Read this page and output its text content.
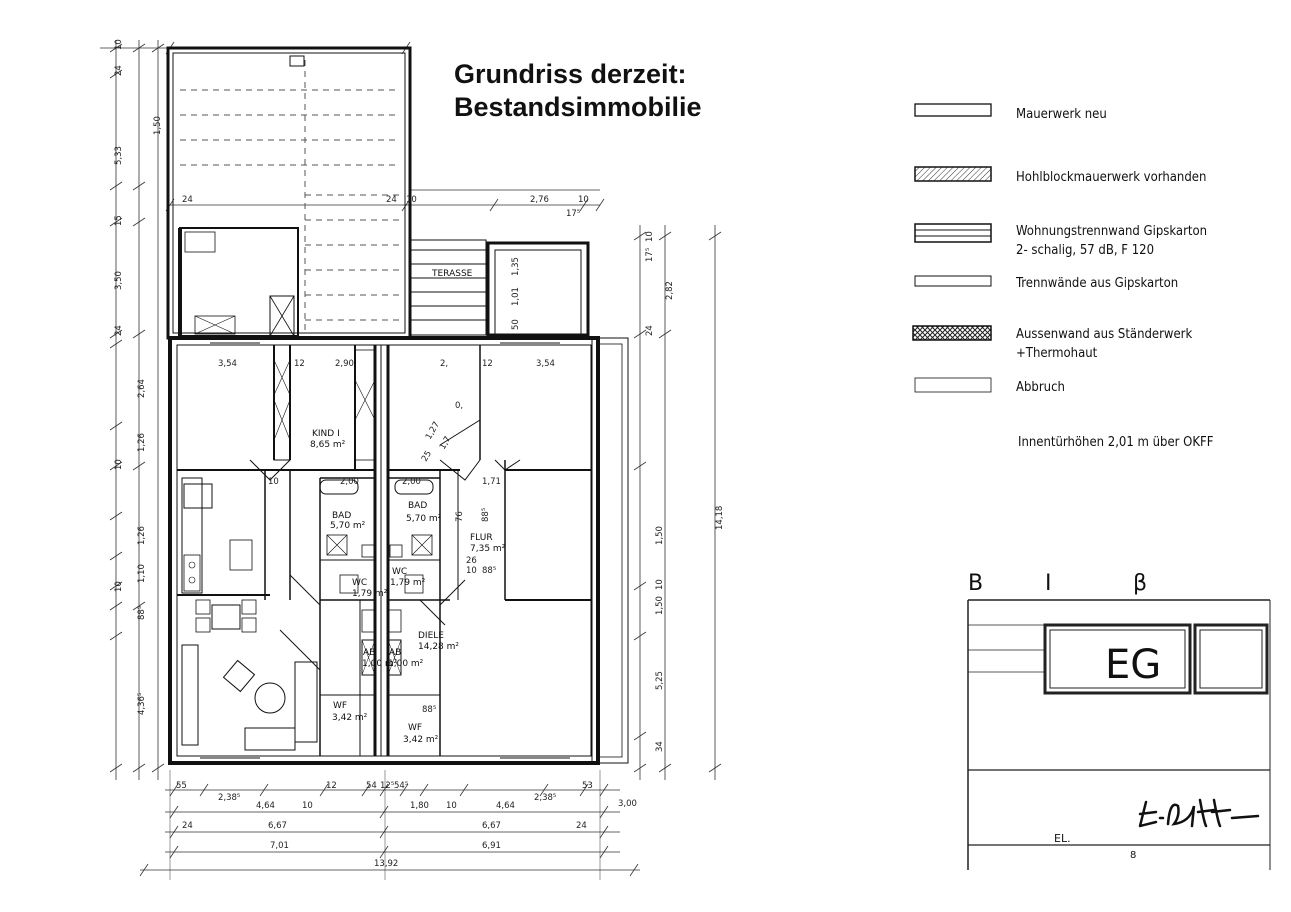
Grundriss derzeit:
Bestandsimmobilie
TERASSE
KIND I
8,65 m²
BAD
5,70 m²
BAD
5,70 m²
WC
1,79 m²
WC
1,79 m²
FLUR
7,35 m²
DIELE
14,28 m²
AB
1,00 m²
AB
1,00 m²
WF
3,42 m²
WF
3,42 m²
10
24
5,33
1,50
15
3,50
24
2,64
1,26
10
1,26
1,10
10
88⁵
4,36⁵
24	24 10	2,76	10
17⁵
3,54	12	2,90	2,	12	3,54
17⁵
10
2,82
24
14,18
1,50
10
1,50
5,25
34
55
2,38⁵
4,64	10
12	54 12⁵ 54⁵
1,80 10	4,64
2,38⁵
53
3,00
24	6,67	6,67	24
7,01	6,91
13,92
2,00	2,00	1,71
10
76 88⁵
26
10 88⁵
1,35
1,01
50
1,27
25
1,7
0,
88⁵
Mauerwerk neu
Hohlblockmauerwerk vorhanden
Wohnungstrennwand Gipskarton
2- schalig, 57 dB, F 120
Trennwände aus Gipskarton
Aussenwand aus Ständerwerk
+Thermohaut
Abbruch
Innentürhöhen 2,01 m über OKFF
B	I	β
EG
EL.
8
